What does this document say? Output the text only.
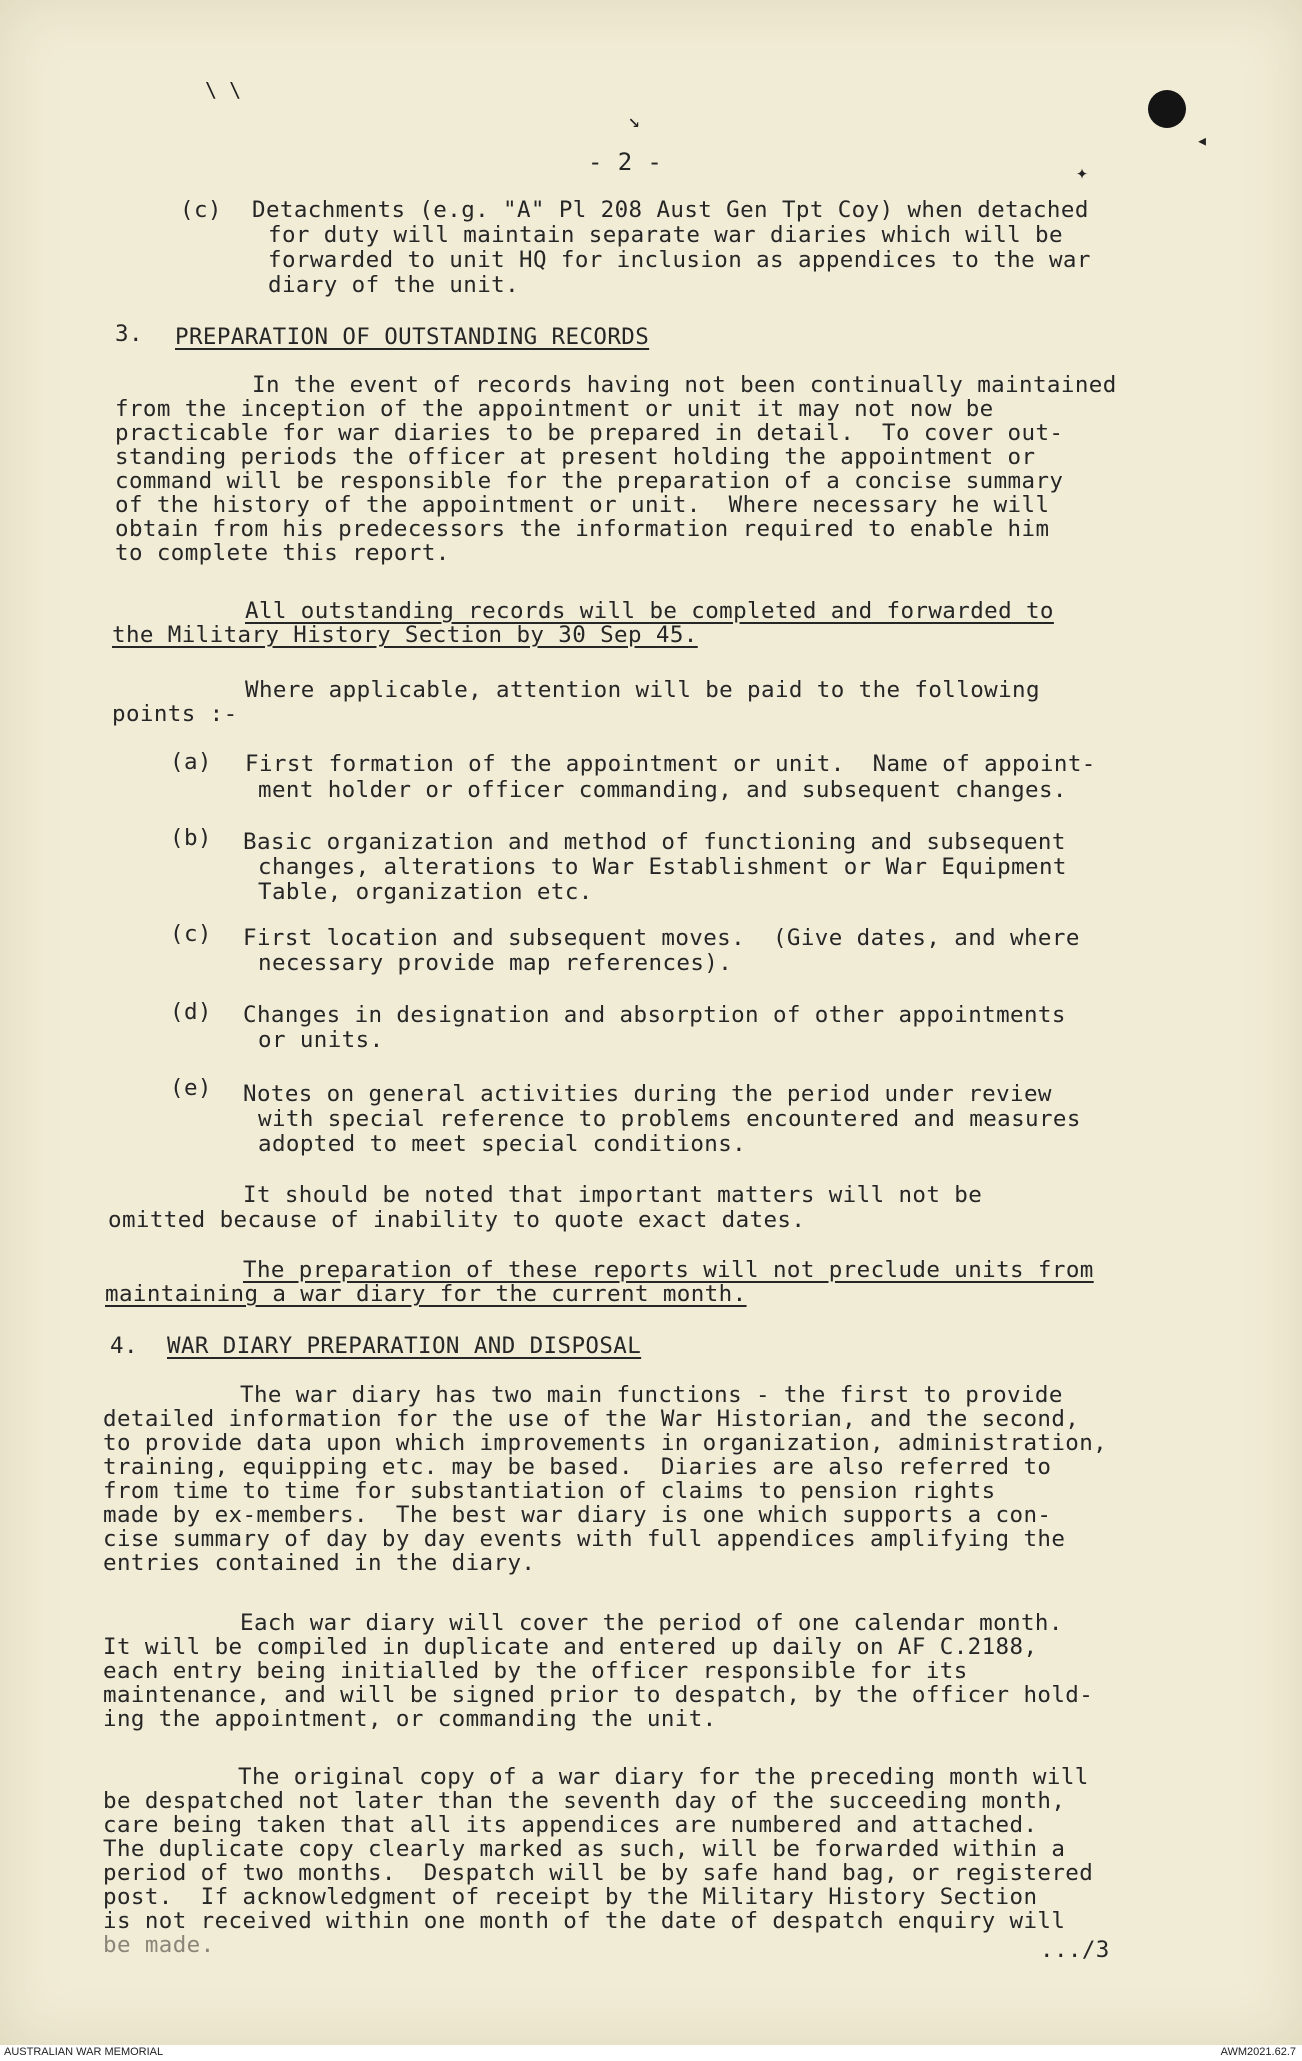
\ \
↘
✦
◂
- 2 -
(c) Detachments (e.g. "A" Pl 208 Aust Gen Tpt Coy) when detached
for duty will maintain separate war diaries which will be
forwarded to unit HQ for inclusion as appendices to the war
diary of the unit.
3. PREPARATION OF OUTSTANDING RECORDS
In the event of records having not been continually maintained
from the inception of the appointment or unit it may not now be
practicable for war diaries to be prepared in detail.  To cover out-
standing periods the officer at present holding the appointment or
command will be responsible for the preparation of a concise summary
of the history of the appointment or unit.  Where necessary he will
obtain from his predecessors the information required to enable him
to complete this report.
All outstanding records will be completed and forwarded to
the Military History Section by 30 Sep 45.
Where applicable, attention will be paid to the following
points :-
(a) First formation of the appointment or unit.  Name of appoint-
ment holder or officer commanding, and subsequent changes.
(b) Basic organization and method of functioning and subsequent
changes, alterations to War Establishment or War Equipment
Table, organization etc.
(c) First location and subsequent moves.  (Give dates, and where
necessary provide map references).
(d) Changes in designation and absorption of other appointments
or units.
(e) Notes on general activities during the period under review
with special reference to problems encountered and measures
adopted to meet special conditions.
It should be noted that important matters will not be
omitted because of inability to quote exact dates.
The preparation of these reports will not preclude units from
maintaining a war diary for the current month.
4. WAR DIARY PREPARATION AND DISPOSAL
The war diary has two main functions - the first to provide
detailed information for the use of the War Historian, and the second,
to provide data upon which improvements in organization, administration,
training, equipping etc. may be based.  Diaries are also referred to
from time to time for substantiation of claims to pension rights
made by ex-members.  The best war diary is one which supports a con-
cise summary of day by day events with full appendices amplifying the
entries contained in the diary.
Each war diary will cover the period of one calendar month.
It will be compiled in duplicate and entered up daily on AF C.2188,
each entry being initialled by the officer responsible for its
maintenance, and will be signed prior to despatch, by the officer hold-
ing the appointment, or commanding the unit.
The original copy of a war diary for the preceding month will
be despatched not later than the seventh day of the succeeding month,
care being taken that all its appendices are numbered and attached.
The duplicate copy clearly marked as such, will be forwarded within a
period of two months.  Despatch will be by safe hand bag, or registered
post.  If acknowledgment of receipt by the Military History Section
is not received within one month of the date of despatch enquiry will
be made.	.../3
AUSTRALIAN WAR MEMORIAL	AWM2021.62.7
